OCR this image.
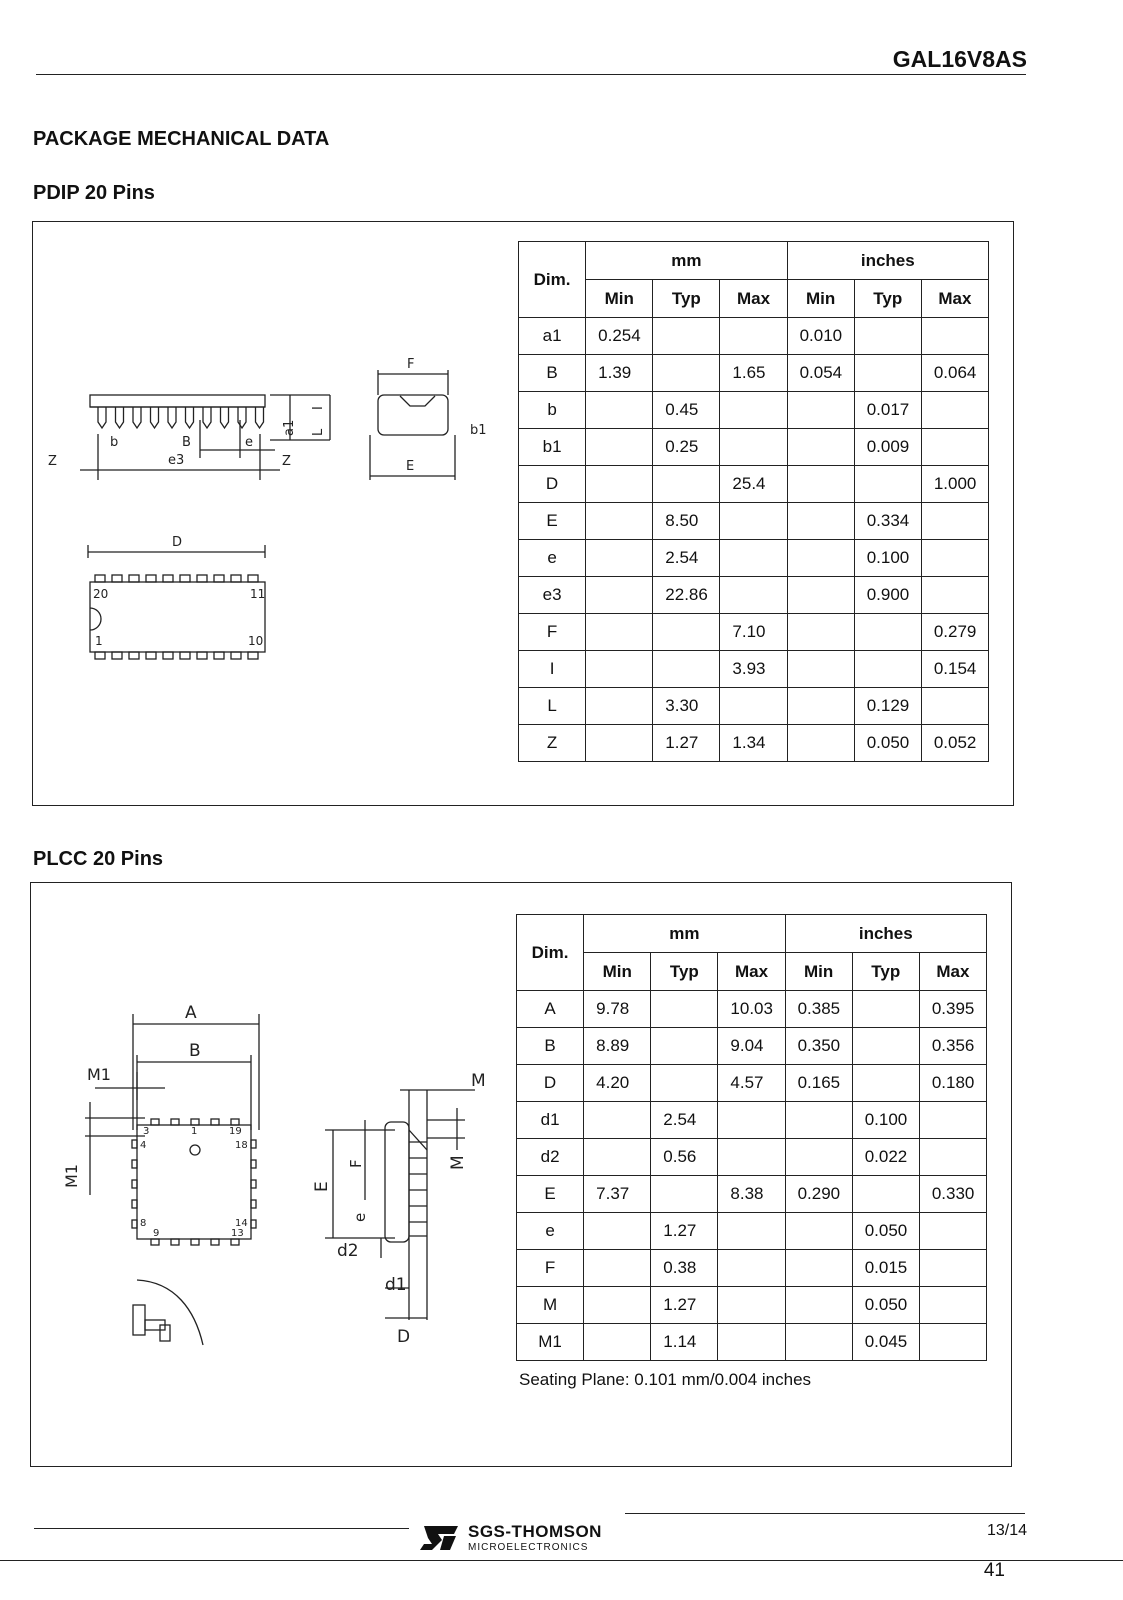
GAL16V8AS
PACKAGE MECHANICAL DATA
PDIP 20 Pins
Z	Z
e3
b	B	e
a1 L
I
F
E
b1
D
20	11
1	10
Dim.	mm			inches		
	Min	Typ	Max	Min	Typ	Max
a1	0.254			0.010		
B	1.39		1.65	0.054		0.064
b		0.45			0.017	
b1		0.25			0.009	
D			25.4			1.000
E		8.50			0.334	
e		2.54			0.100	
e3		22.86			0.900	
F			7.10			0.279
I			3.93			0.154
L		3.30			0.129	
Z		1.27	1.34		0.050	0.052
PLCC 20 Pins
A
B
M1
M1
3	1	19
4	18
8
9	13
14
M
M
E
F
e
d2
d1
D
Dim.	mm			inches		
	Min	Typ	Max	Min	Typ	Max
A	9.78		10.03	0.385		0.395
B	8.89		9.04	0.350		0.356
D	4.20		4.57	0.165		0.180
d1		2.54			0.100	
d2		0.56			0.022	
E	7.37		8.38	0.290		0.330
e		1.27			0.050	
F		0.38			0.015	
M		1.27			0.050	
M1		1.14			0.045	
Seating Plane: 0.101 mm/0.004 inches
SGS-THOMSON
MICROELECTRONICS
13/14
41
